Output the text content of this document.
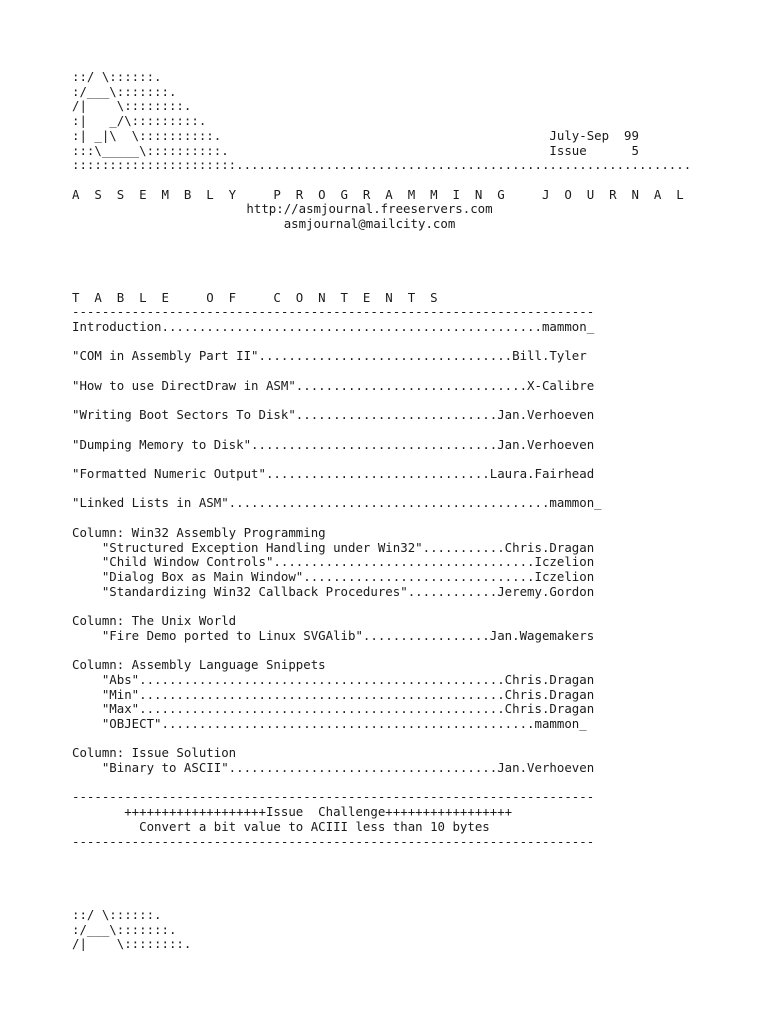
::/ \::::::.
:/___\:::::::.
/|    \::::::::.
:|   _/\:::::::::.
:| _|\  \::::::::::.                                            July-Sep  99
:::\_____\::::::::::.                                           Issue      5
::::::::::::::::::::::.............................................................

A  S  S  E  M  B  L  Y     P  R  O  G  R  A  M  M  I  N  G     J  O  U  R  N  A  L
http://asmjournal.freeservers.com
asmjournal@mailcity.com

T  A  B  L  E     O  F     C  O  N  T  E  N  T  S
----------------------------------------------------------------------
Introduction...................................................mammon_

"COM in Assembly Part II"..................................Bill.Tyler

"How to use DirectDraw in ASM"...............................X-Calibre

"Writing Boot Sectors To Disk"...........................Jan.Verhoeven

"Dumping Memory to Disk".................................Jan.Verhoeven

"Formatted Numeric Output"..............................Laura.Fairhead

"Linked Lists in ASM"...........................................mammon_

Column: Win32 Assembly Programming
"Structured Exception Handling under Win32"...........Chris.Dragan
"Child Window Controls"...................................Iczelion
"Dialog Box as Main Window"...............................Iczelion
"Standardizing Win32 Callback Procedures"............Jeremy.Gordon

Column: The Unix World
"Fire Demo ported to Linux SVGAlib".................Jan.Wagemakers

Column: Assembly Language Snippets
"Abs".................................................Chris.Dragan
"Min".................................................Chris.Dragan
"Max".................................................Chris.Dragan
"OBJECT"..................................................mammon_

Column: Issue Solution
"Binary to ASCII"....................................Jan.Verhoeven

----------------------------------------------------------------------
+++++++++++++++++++Issue  Challenge+++++++++++++++++
Convert a bit value to ACIII less than 10 bytes
----------------------------------------------------------------------

::/ \::::::.
:/___\:::::::.
/|    \::::::::.
